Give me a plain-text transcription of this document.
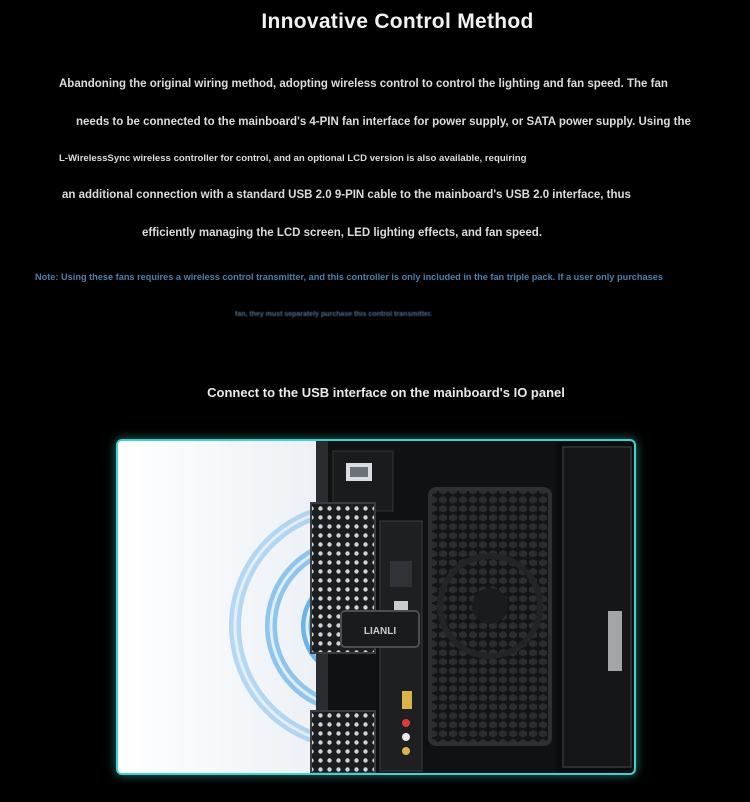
Innovative Control Method
Abandoning the original wiring method, adopting wireless control to control the lighting and fan speed. The fan
needs to be connected to the mainboard's 4-PIN fan interface for power supply, or SATA power supply. Using the
L-WirelessSync wireless controller for control, and an optional LCD version is also available, requiring
an additional connection with a standard USB 2.0 9-PIN cable to the mainboard's USB 2.0 interface, thus
efficiently managing the LCD screen, LED lighting effects, and fan speed.
Note: Using these fans requires a wireless control transmitter, and this controller is only included in the fan triple pack. If a user only purchases
fan, they must separately purchase this control transmitter.
Connect to the USB interface on the mainboard's IO panel
LIANLI
